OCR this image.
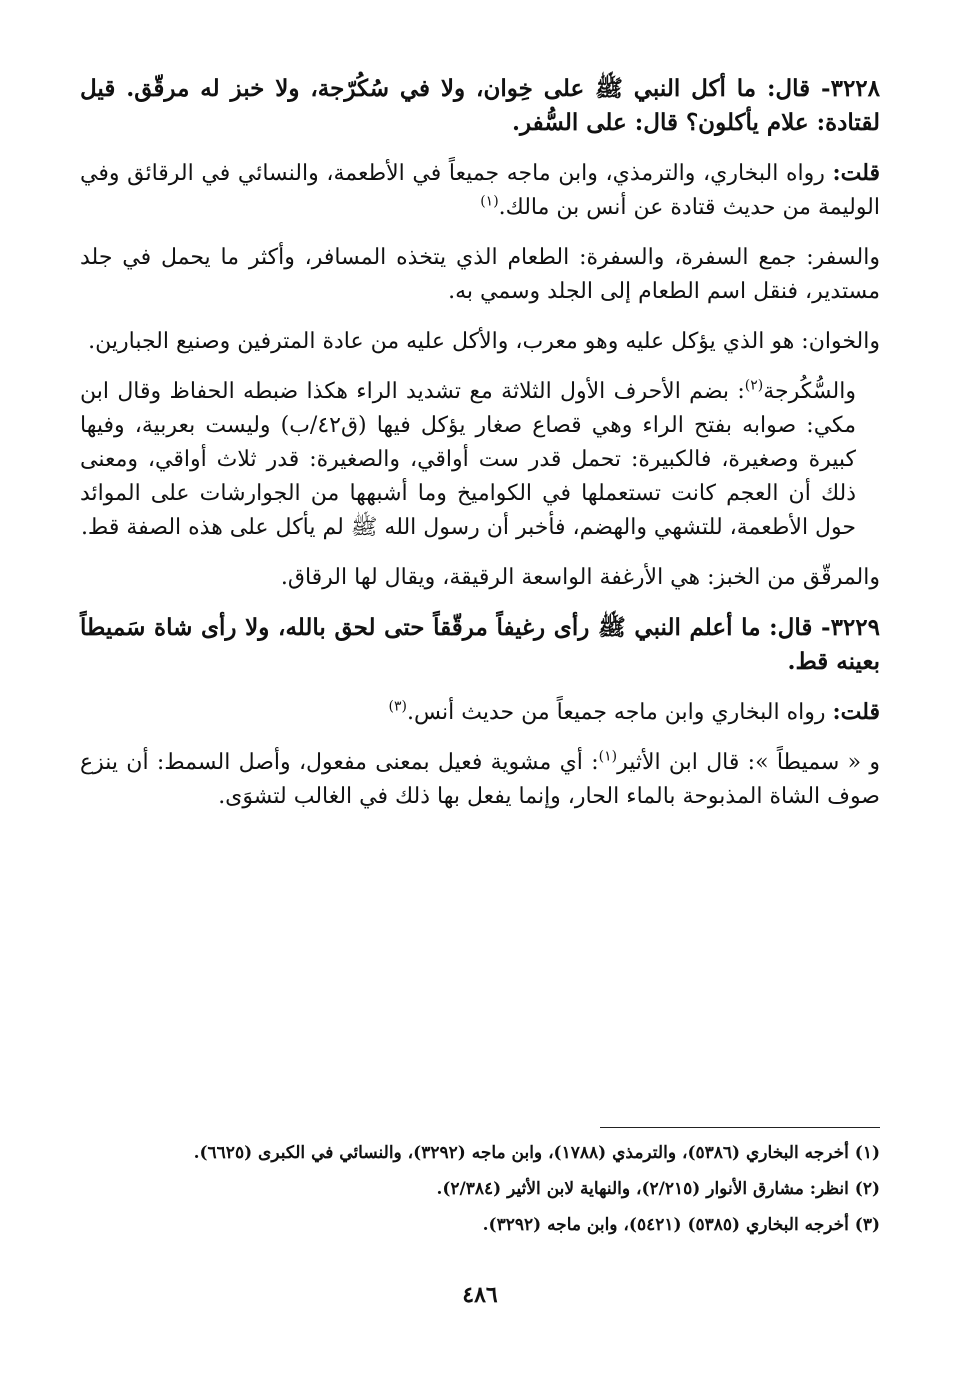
٣٢٢٨- قال: ما أكل النبي ﷺ على خِوان، ولا في سُكُرّجة، ولا خبز له مرقّق. قيل لقتادة: علام يأكلون؟ قال: على السُّفر.

قلت: رواه البخاري، والترمذي، وابن ماجه جميعاً في الأطعمة، والنسائي في الرقائق وفي الوليمة من حديث قتادة عن أنس بن مالك.$^{(١)}$

والسفر: جمع السفرة، والسفرة: الطعام الذي يتخذه المسافر، وأكثر ما يحمل في جلد مستدير، فنقل اسم الطعام إلى الجلد وسمي به.

والخوان: هو الذي يؤكل عليه وهو معرب، والأكل عليه من عادة المترفين وصنيع الجبارين.

والسُّكُرجة$^{(٢)}$: بضم الأحرف الأول الثلاثة مع تشديد الراء هكذا ضبطه الحفاظ وقال ابن مكي: صوابه بفتح الراء وهي قصاع صغار يؤكل فيها (ق٤٢/ب) وليست بعربية، وفيها كبيرة وصغيرة، فالكبيرة: تحمل قدر ست أواقي، والصغيرة: قدر ثلاث أواقي، ومعنى ذلك أن العجم كانت تستعملها في الكواميخ وما أشبهها من الجوارشات على الموائد حول الأطعمة، للتشهي والهضم، فأخبر أن رسول الله ﷺ لم يأكل على هذه الصفة قط.

والمرقّق من الخبز: هي الأرغفة الواسعة الرقيقة، ويقال لها الرقاق.

٣٢٢٩- قال: ما أعلم النبي ﷺ رأى رغيفاً مرقّقاً حتى لحق بالله، ولا رأى شاة سَميطاً بعينه قط.

قلت: رواه البخاري وابن ماجه جميعاً من حديث أنس.$^{(٣)}$

و « سميطاً »: قال ابن الأثير$^{(١)}$: أي مشوية فعيل بمعنى مفعول، وأصل السمط: أن ينزع صوف الشاة المذبوحة بالماء الحار، وإنما يفعل بها ذلك في الغالب لتشوَى.

(١) أخرجه البخاري (٥٣٨٦)، والترمذي (١٧٨٨)، وابن ماجه (٣٢٩٢)، والنسائي في الكبرى (٦٦٢٥).

(٢) انظر: مشارق الأنوار (٢/٢١٥)، والنهاية لابن الأثير (٢/٣٨٤).

(٣) أخرجه البخاري (٥٣٨٥) (٥٤٢١)، وابن ماجه (٣٢٩٢).

٤٨٦
